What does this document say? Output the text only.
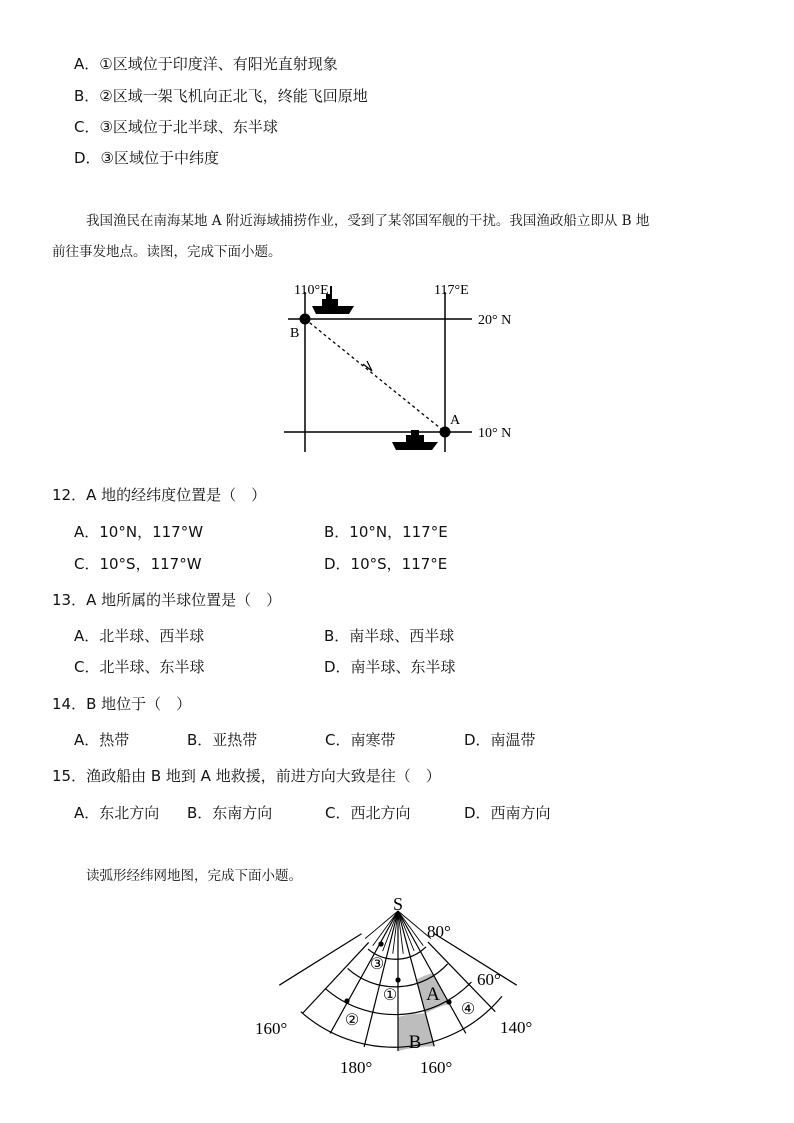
A．①区域位于印度洋、有阳光直射现象
B．②区域一架飞机向正北飞，终能飞回原地
C．③区域位于北半球、东半球
D．③区域位于中纬度
我国渔民在南海某地 A 附近海域捕捞作业，受到了某邻国军舰的干扰。我国渔政船立即从 B 地
前往事发地点。读图，完成下面小题。
110°E	117°E
20° N
10° N
B
A
12．A 地的经纬度位置是（　）
A．10°N，117°W	B．10°N，117°E
C．10°S，117°W	D．10°S，117°E
13．A 地所属的半球位置是（　）
A．北半球、西半球	B．南半球、西半球
C．北半球、东半球	D．南半球、东半球
14．B 地位于（　）
A．热带	B．亚热带	C．南寒带	D．南温带
15．渔政船由 B 地到 A 地救援，前进方向大致是往（　）
A．东北方向 B．东南方向	C．西北方向	D．西南方向
读弧形经纬网地图，完成下面小题。
S
80°
60°
160°	140°
180°	160°
③
①
②
④
A
B
